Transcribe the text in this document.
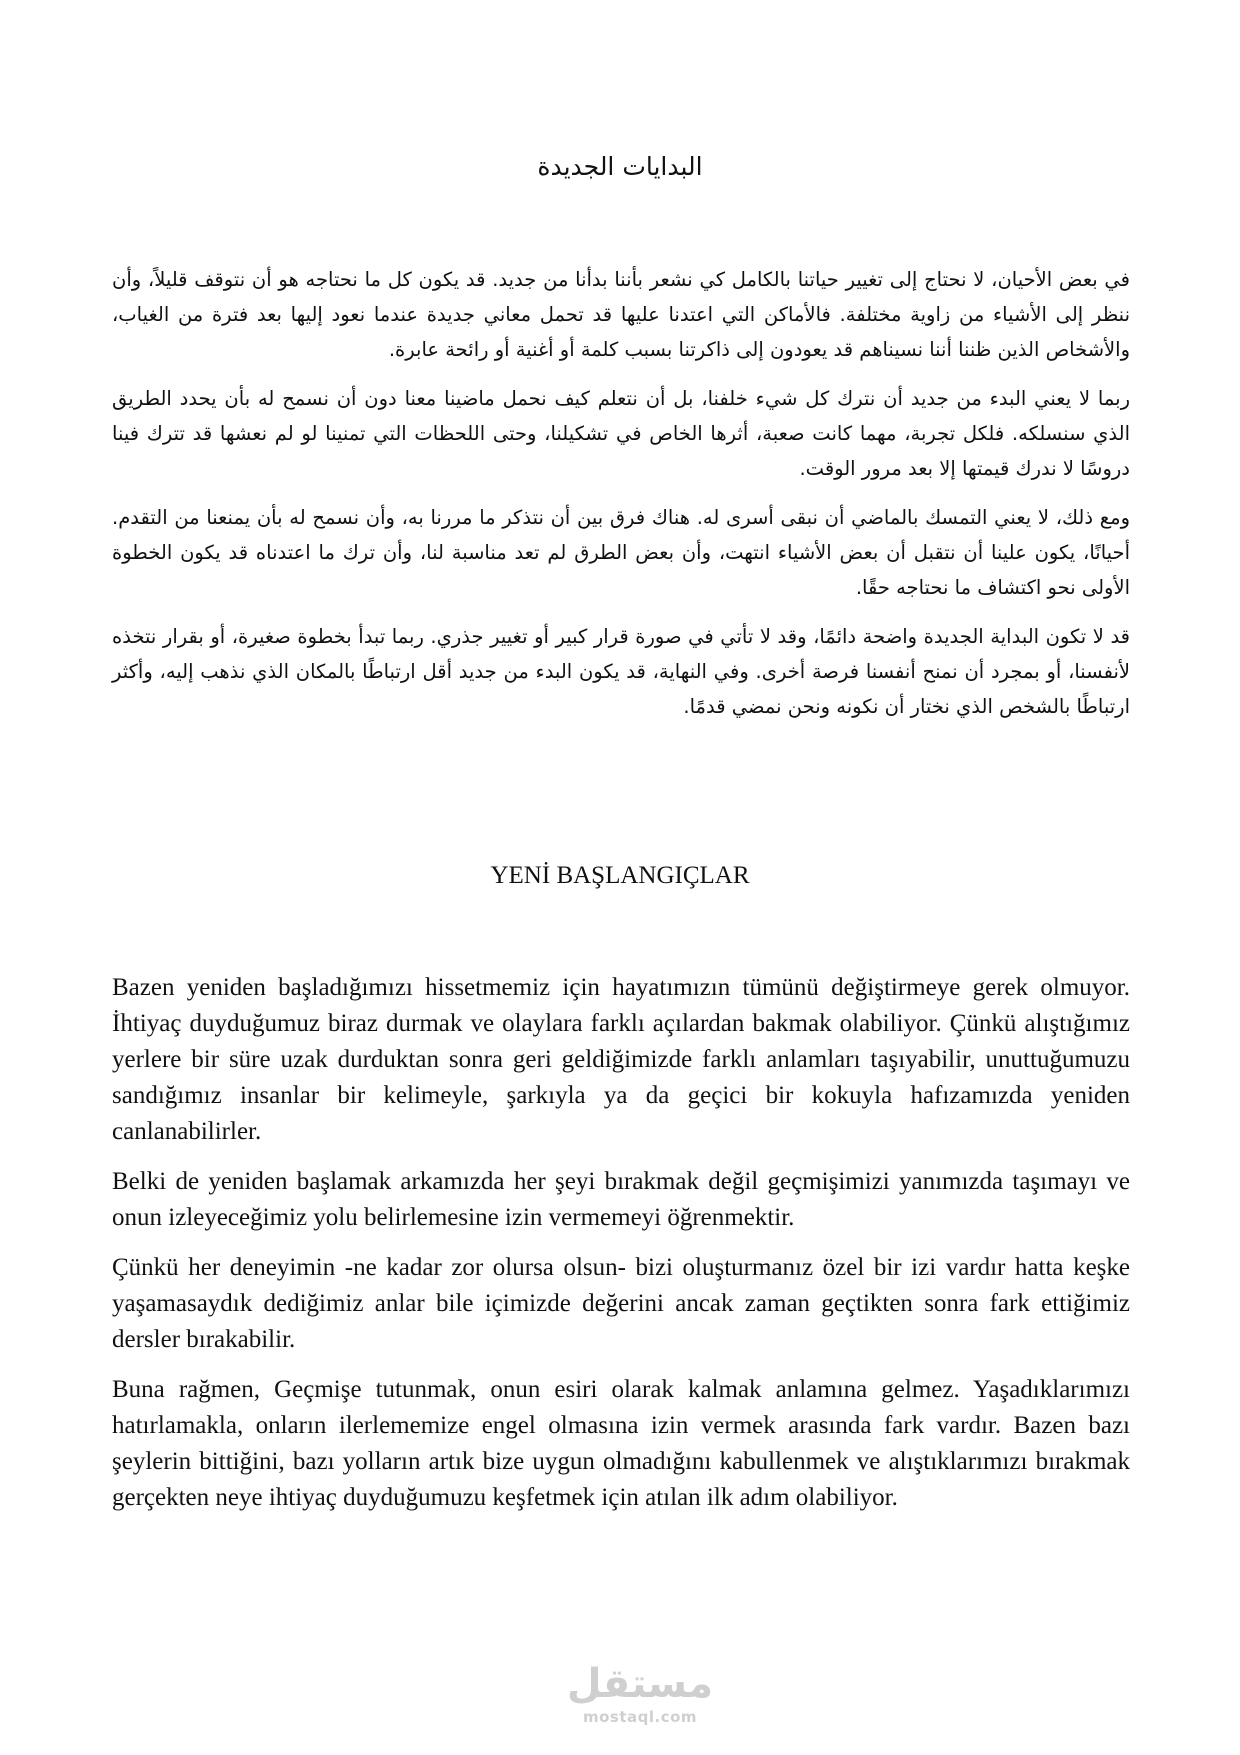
البدايات الجديدة

في بعض الأحيان، لا نحتاج إلى تغيير حياتنا بالكامل كي نشعر بأننا بدأنا من جديد. قد يكون كل ما نحتاجه هو أن نتوقف قليلاً، وأن ننظر إلى الأشياء من زاوية مختلفة. فالأماكن التي اعتدنا عليها قد تحمل معاني جديدة عندما نعود إليها بعد فترة من الغياب، والأشخاص الذين ظننا أننا نسيناهم قد يعودون إلى ذاكرتنا بسبب كلمة أو أغنية أو رائحة عابرة.

ربما لا يعني البدء من جديد أن نترك كل شيء خلفنا، بل أن نتعلم كيف نحمل ماضينا معنا دون أن نسمح له بأن يحدد الطريق الذي سنسلكه. فلكل تجربة، مهما كانت صعبة، أثرها الخاص في تشكيلنا، وحتى اللحظات التي تمنينا لو لم نعشها قد تترك فينا دروسًا لا ندرك قيمتها إلا بعد مرور الوقت.

ومع ذلك، لا يعني التمسك بالماضي أن نبقى أسرى له. هناك فرق بين أن نتذكر ما مررنا به، وأن نسمح له بأن يمنعنا من التقدم. أحيانًا، يكون علينا أن نتقبل أن بعض الأشياء انتهت، وأن بعض الطرق لم تعد مناسبة لنا، وأن ترك ما اعتدناه قد يكون الخطوة الأولى نحو اكتشاف ما نحتاجه حقًا.

قد لا تكون البداية الجديدة واضحة دائمًا، وقد لا تأتي في صورة قرار كبير أو تغيير جذري. ربما تبدأ بخطوة صغيرة، أو بقرار نتخذه لأنفسنا، أو بمجرد أن نمنح أنفسنا فرصة أخرى. وفي النهاية، قد يكون البدء من جديد أقل ارتباطًا بالمكان الذي نذهب إليه، وأكثر ارتباطًا بالشخص الذي نختار أن نكونه ونحن نمضي قدمًا.

YENİ BAŞLANGIÇLAR

Bazen yeniden başladığımızı hissetmemiz için hayatımızın tümünü değiştirmeye gerek olmuyor. İhtiyaç duyduğumuz biraz durmak ve olaylara farklı açılardan bakmak olabiliyor. Çünkü alıştığımız yerlere bir süre uzak durduktan sonra geri geldiğimizde farklı anlamları taşıyabilir, unuttuğumuzu sandığımız insanlar bir kelimeyle, şarkıyla ya da geçici bir kokuyla hafızamızda yeniden canlanabilirler.

Belki de yeniden başlamak arkamızda her şeyi bırakmak değil geçmişimizi yanımızda taşımayı ve onun izleyeceğimiz yolu belirlemesine izin vermemeyi öğrenmektir.

Çünkü her deneyimin -ne kadar zor olursa olsun- bizi oluşturmanız özel bir izi vardır hatta keşke yaşamasaydık dediğimiz anlar bile içimizde değerini ancak zaman geçtikten sonra fark ettiğimiz dersler bırakabilir.

Buna rağmen, Geçmişe tutunmak, onun esiri olarak kalmak anlamına gelmez. Yaşadıklarımızı hatırlamakla, onların ilerlememize engel olmasına izin vermek arasında fark vardır. Bazen bazı şeylerin bittiğini, bazı yolların artık bize uygun olmadığını kabullenmek ve alıştıklarımızı bırakmak gerçekten neye ihtiyaç duyduğumuzu keşfetmek için atılan ilk adım olabiliyor.

مستقل
mostaql.com
